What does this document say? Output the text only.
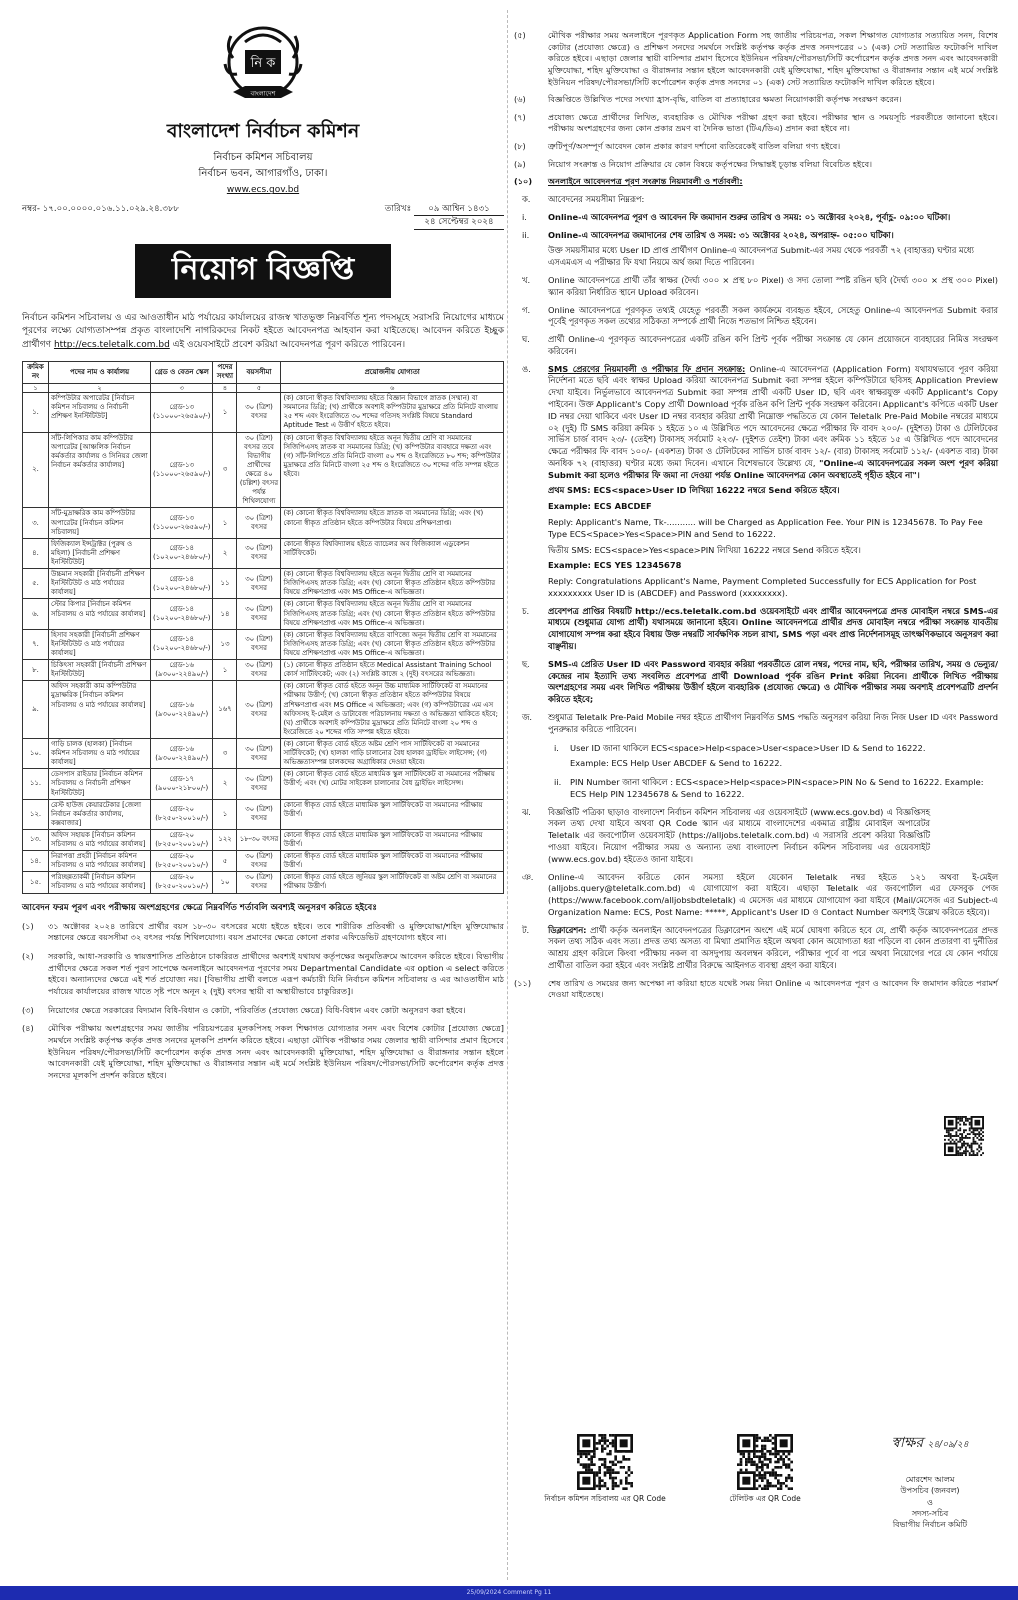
নি ক
বাংলাদেশ
বাংলাদেশ নির্বাচন কমিশন
নির্বাচন কমিশন সচিবালয়
নির্বাচন ভবন, আগারগাঁও, ঢাকা।
www.ecs.gov.bd
নম্বর- ১৭.০০.০০০০.০১৬.১১.০২৯.২৪.৩৮৮	তারিখঃ ০৯ আশ্বিন ১৪৩১
২৪ সেপ্টেম্বর ২০২৪
নিয়োগ বিজ্ঞপ্তি

নির্বাচন কমিশন সচিবালয় ও এর আওতাধীন মাঠ পর্যায়ের কার্যালয়ের রাজস্ব খাতভুক্ত নিম্নবর্ণিত শূন্য পদসমূহে সরাসরি নিয়োগের মাধ্যমে পূরণের লক্ষ্যে যোগ্যতাসম্পন্ন প্রকৃত বাংলাদেশি নাগরিকদের নিকট হইতে আবেদনপত্র আহবান করা যাইতেছে। আবেদন করিতে ইচ্ছুক প্রার্থীগণ http://ecs.teletalk.com.bd এই ওয়েবসাইটে প্রবেশ করিয়া আবেদনপত্র পূরণ করিতে পারিবেন।

ক্রমিক নং	পদের নাম ও কার্যালয়	গ্রেড ও বেতন স্কেল	পদের সংখ্যা	বয়সসীমা	প্রয়োজনীয় যোগ্যতা
১	২	৩	৪	৫	৬
১.	কম্পিউটার অপারেটর [নির্বাচন কমিশন সচিবালয় ও নির্বাচনী প্রশিক্ষণ ইনস্টিটিউট]	গ্রেড-১৩ (১১০০০-২৬৫৯০/-)	১	৩০ (ত্রিশ) বৎসর	(ক) কোনো স্বীকৃত বিশ্ববিদ্যালয় হইতে বিজ্ঞান বিভাগে স্নাতক (সম্মান) বা সমমানের ডিগ্রি; (খ) প্রার্থীকে অবশ্যই কম্পিউটার মুদ্রাক্ষরে প্রতি মিনিটে বাংলায় ২৫ শব্দ এবং ইংরেজিতে ৩০ শব্দের গতিসহ সংশ্লিষ্ট বিষয়ে Standard Aptitude Test এ উত্তীর্ণ হইতে হইবে।
২.	সাঁট-লিপিকার কাম কম্পিউটার অপারেটর [আঞ্চলিক নির্বাচন কর্মকর্তার কার্যালয় ও সিনিয়র জেলা নির্বাচন কর্মকর্তার কার্যালয়]	গ্রেড-১৩ (১১০০০-২৬৫৯০/-)	৩	৩০ (ত্রিশ) বৎসর তবে বিভাগীয় প্রার্থীদের ক্ষেত্রে ৪০ (চল্লিশ) বৎসর পর্যন্ত শিথিলযোগ্য	(ক) কোনো স্বীকৃত বিশ্ববিদ্যালয় হইতে অনূন দ্বিতীয় শ্রেণি বা সমমানের সিজিপিএসহ স্নাতক বা সমমানের ডিগ্রি; (খ) কম্পিউটার ব্যবহারে দক্ষতা এবং (গ) সাঁট-লিপিতে প্রতি মিনিটে বাংলা ৫০ শব্দ ও ইংরেজিতে ৮০ শব্দ; কম্পিউটার মুদ্রাক্ষরে প্রতি মিনিটে বাংলা ২৫ শব্দ ও ইংরেজিতে ৩০ শব্দের গতি সম্পন্ন হইতে হইবে।
৩.	সাঁট-মুদ্রাক্ষরিক কাম কম্পিউটার অপারেটর [নির্বাচন কমিশন সচিবালয়]	গ্রেড-১৩ (১১০০০-২৬৫৯০/-)	১	৩০ (ত্রিশ) বৎসর	(ক) কোনো স্বীকৃত বিশ্ববিদ্যালয় হইতে স্নাতক বা সমমানের ডিগ্রি; এবং (খ) কোনো স্বীকৃত প্রতিষ্ঠান হইতে কম্পিউটার বিষয়ে প্রশিক্ষণপ্রাপ্ত।
৪.	ফিজিক্যাল ইন্সট্রাক্টর (পুরুষ ও মহিলা) [নির্বাচনী প্রশিক্ষণ ইনস্টিটিউট]	গ্রেড-১৪ (১০২০০-২৪৬৮০/-)	২	৩০ (ত্রিশ) বৎসর	কোনো স্বীকৃত বিশ্ববিদ্যালয় হইতে ব্যাচেলর অব ফিজিক্যাল এডুকেশন সার্টিফিকেট।
৫.	উচ্চমান সহকারী [নির্বাচনী প্রশিক্ষণ ইনস্টিটিউট ও মাঠ পর্যায়ের কার্যালয়]	গ্রেড-১৪ (১০২০০-২৪৬৮০/-)	১১	৩০ (ত্রিশ) বৎসর	(ক) কোনো স্বীকৃত বিশ্ববিদ্যালয় হইতে অনূন দ্বিতীয় শ্রেণি বা সমমানের সিজিপিএসহ স্নাতক ডিগ্রি; এবং (খ) কোনো স্বীকৃত প্রতিষ্ঠান হইতে কম্পিউটার বিষয়ে প্রশিক্ষণপ্রাপ্ত এবং MS Office-এ অভিজ্ঞতা।
৬.	স্টোর কিপার [নির্বাচন কমিশন সচিবালয় ও মাঠ পর্যায়ের কার্যালয়]	গ্রেড-১৪ (১০২০০-২৪৬৮০/-)	১৪	৩০ (ত্রিশ) বৎসর	(ক) কোনো স্বীকৃত বিশ্ববিদ্যালয় হইতে অনূন দ্বিতীয় শ্রেণি বা সমমানের সিজিপিএসহ স্নাতক ডিগ্রি; এবং (খ) কোনো স্বীকৃত প্রতিষ্ঠান হইতে কম্পিউটার বিষয়ে প্রশিক্ষণপ্রাপ্ত এবং MS Office-এ অভিজ্ঞতা।
৭.	হিসাব সহকারী [নির্বাচনী প্রশিক্ষণ ইনস্টিটিউট ও মাঠ পর্যায়ের কার্যালয়]	গ্রেড-১৪ (১০২০০-২৪৬৮০/-)	১৩	৩০ (ত্রিশ) বৎসর	(ক) কোনো স্বীকৃত বিশ্ববিদ্যালয় হইতে বাণিজ্যে অনূন দ্বিতীয় শ্রেণি বা সমমানের সিজিপিএসহ স্নাতক ডিগ্রি; এবং (খ) কোনো স্বীকৃত প্রতিষ্ঠান হইতে কম্পিউটার বিষয়ে প্রশিক্ষণপ্রাপ্ত এবং MS Office-এ অভিজ্ঞতা।
৮.	চিকিৎসা সহকারী [নির্বাচনী প্রশিক্ষণ ইনস্টিটিউট]	গ্রেড-১৬ (৯৩০০-২২৪৯০/-)	১	৩০ (ত্রিশ) বৎসর	(১) কোনো স্বীকৃত প্রতিষ্ঠান হইতে Medical Assistant Training School কোর্স সার্টিফিকেট; এবং (২) সংশ্লিষ্ট কাজে ২ (দুই) বৎসরের অভিজ্ঞতা।
৯.	অফিস সহকারী কাম কম্পিউটার মুদ্রাক্ষরিক [নির্বাচন কমিশন সচিবালয় ও মাঠ পর্যায়ের কার্যালয়]	গ্রেড-১৬ (৯৩০০-২২৪৯০/-)	১৬৭	৩০ (ত্রিশ) বৎসর	(ক) কোনো স্বীকৃত বোর্ড হইতে অনূন উচ্চ মাধ্যমিক সার্টিফিকেট বা সমমানের পরীক্ষায় উত্তীর্ণ; (খ) কোনো স্বীকৃত প্রতিষ্ঠান হইতে কম্পিউটার বিষয়ে প্রশিক্ষণপ্রাপ্ত এবং MS Office এ অভিজ্ঞতা; এবং (গ) কম্পিউটারের এম এস অফিসসহ ই-মেইল ও ডাটাবেজ পরিচালনায় দক্ষতা ও অভিজ্ঞতা থাকিতে হইবে; (ঘ) প্রার্থীকে অবশ্যই কম্পিউটার মুদ্রাক্ষরে প্রতি মিনিটে বাংলা ২০ শব্দ ও ইংরেজিতে ২০ শব্দের গতি সম্পন্ন হইতে হইবে।
১০.	গাড়ি চালক (হালকা) [নির্বাচন কমিশন সচিবালয় ও মাঠ পর্যায়ের কার্যালয়]	গ্রেড-১৬ (৯৩০০-২২৪৯০/-)	৩	৩০ (ত্রিশ) বৎসর	(ক) কোনো স্বীকৃত বোর্ড হইতে অষ্টম শ্রেণি পাস সার্টিফিকেট বা সমমানের সার্টিফিকেট; (খ) হালকা গাড়ি চালানোর বৈধ হালকা ড্রাইভিং লাইসেন্স; (গ) অভিজ্ঞতাসম্পন্ন চালকদের অগ্রাধিকার দেওয়া হইবে।
১১.	ডেসপাস রাইডার [নির্বাচন কমিশন সচিবালয় ও নির্বাচনী প্রশিক্ষণ ইনস্টিটিউট]	গ্রেড-১৭ (৯০০০-২১৮০০/-)	২	৩০ (ত্রিশ) বৎসর	(ক) কোনো স্বীকৃত বোর্ড হইতে মাধ্যমিক স্কুল সার্টিফিকেট বা সমমানের পরীক্ষায় উত্তীর্ণ; এবং (খ) মোটর সাইকেল চালানোর বৈধ ড্রাইভিং লাইসেন্স।
১২.	রেস্ট হাউজ কেয়ারটেকার [জেলা নির্বাচন কর্মকর্তার কার্যালয়, কক্সবাজার]	গ্রেড-২০ (৮২৫০-২০০১০/-)	১	৩০ (ত্রিশ) বৎসর	কোনো স্বীকৃত বোর্ড হইতে মাধ্যমিক স্কুল সার্টিফিকেট বা সমমানের পরীক্ষায় উত্তীর্ণ।
১৩.	অফিস সহায়ক [নির্বাচন কমিশন সচিবালয় ও মাঠ পর্যায়ের কার্যালয়]	গ্রেড-২০ (৮২৫০-২০০১০/-)	১২২	১৮-৩০ বৎসর	কোনো স্বীকৃত বোর্ড হইতে মাধ্যমিক স্কুল সার্টিফিকেট বা সমমানের পরীক্ষায় উত্তীর্ণ।
১৪.	নিরাপত্তা প্রহরী [নির্বাচন কমিশন সচিবালয় ও মাঠ পর্যায়ের কার্যালয়]	গ্রেড-২০ (৮২৫০-২০০১০/-)	৫	৩০ (ত্রিশ) বৎসর	কোনো স্বীকৃত বোর্ড হইতে মাধ্যমিক স্কুল সার্টিফিকেট বা সমমানের পরীক্ষায় উত্তীর্ণ।
১৫.	পরিচ্ছন্নতাকর্মী [নির্বাচন কমিশন সচিবালয় ও মাঠ পর্যায়ের কার্যালয়]	গ্রেড-২০ (৮২৫০-২০০১০/-)	১০	৩০ (ত্রিশ) বৎসর	কোনো স্বীকৃত বোর্ড হইতে জুনিয়র স্কুল সার্টিফিকেট বা অষ্টম শ্রেণি বা সমমানের পরীক্ষায় উত্তীর্ণ।
আবেদন ফরম পূরণ এবং পরীক্ষায় অংশগ্রহণের ক্ষেত্রে নিম্নবর্ণিত শর্তাবলি অবশ্যই অনুসরণ করিতে হইবেঃ
(১)	৩১ অক্টোবর ২০২৪ তারিখে প্রার্থীর বয়স ১৮-৩০ বৎসরের মধ্যে হইতে হইবে। তবে শারীরিক প্রতিবন্ধী ও মুক্তিযোদ্ধা/শহিদ মুক্তিযোদ্ধার সন্তানের ক্ষেত্রে বয়সসীমা ৩২ বৎসর পর্যন্ত শিথিলযোগ্য। বয়স প্রমাণের ক্ষেত্রে কোনো প্রকার এফিডেভিট গ্রহণযোগ্য হইবে না।
(২)	সরকারি, আধা-সরকারি ও স্বায়ত্তশাসিত প্রতিষ্ঠানে চাকরিরত প্রার্থীদের অবশ্যই যথাযথ কর্তৃপক্ষের অনুমতিক্রমে আবেদন করিতে হইবে। বিভাগীয় প্রার্থীদের ক্ষেত্রে সকল শর্ত পূরণ সাপেক্ষে অনলাইনে আবেদনপত্র পূরণের সময় Departmental Candidate এর option এ select করিতে হইবে। অন্যান্যদের ক্ষেত্রে এই শর্ত প্রযোজ্য নয়। [বিভাগীয় প্রার্থী বলতে এরূপ কর্মচারী যিনি নির্বাচন কমিশন সচিবালয় ও এর আওতাধীন মাঠ পর্যায়ের কার্যালয়ের রাজস্ব খাতে সৃষ্ট পদে অনূন ২ (দুই) বৎসর স্থায়ী বা অস্থায়ীভাবে চাকুরিরত]।
(৩)	নিয়োগের ক্ষেত্রে সরকারের বিদ্যমান বিধি-বিধান ও কোটা, পরিবর্তিত (প্রযোজ্য ক্ষেত্রে) বিধি-বিধান এবং কোটা অনুসরণ করা হইবে।
(৪)	মৌখিক পরীক্ষায় অংশগ্রহণের সময় জাতীয় পরিচয়পত্রের মূলকপিসহ সকল শিক্ষাগত যোগ্যতার সনদ এবং বিশেষ কোটার [প্রযোজ্য ক্ষেত্রে] সমর্থনে সংশ্লিষ্ট কর্তৃপক্ষ কর্তৃক প্রদত্ত সনদের মূলকপি প্রদর্শন করিতে হইবে। এছাড়া মৌখিক পরীক্ষার সময় জেলার স্থায়ী বাসিন্দার প্রমাণ হিসেবে ইউনিয়ন পরিষদ/পৌরসভা/সিটি কর্পোরেশন কর্তৃক প্রদত্ত সনদ এবং আবেদনকারী মুক্তিযোদ্ধা, শহিদ মুক্তিযোদ্ধা ও বীরাঙ্গনার সন্তান হইলে আবেদনকারী যেই মুক্তিযোদ্ধা, শহিদ মুক্তিযোদ্ধা ও বীরাঙ্গনার সন্তান এই মর্মে সংশ্লিষ্ট ইউনিয়ন পরিষদ/পৌরসভা/সিটি কর্পোরেশন কর্তৃক প্রদত্ত সনদের মূলকপি প্রদর্শন করিতে হইবে।
(৫)	মৌখিক পরীক্ষার সময় অনলাইনে পূরণকৃত Application Form সহ জাতীয় পরিচয়পত্র, সকল শিক্ষাগত যোগ্যতার সত্যায়িত সনদ, বিশেষ কোটার (প্রযোজ্য ক্ষেত্রে) ও প্রশিক্ষণ সনদের সমর্থনে সংশ্লিষ্ট কর্তৃপক্ষ কর্তৃক প্রদত্ত সনদপত্রের ০১ (এক) সেট সত্যায়িত ফটোকপি দাখিল করিতে হইবে। এছাড়া জেলার স্থায়ী বাসিন্দার প্রমাণ হিসেবে ইউনিয়ন পরিষদ/পৌরসভা/সিটি কর্পোরেশন কর্তৃক প্রদত্ত সনদ এবং আবেদনকারী মুক্তিযোদ্ধা, শহিদ মুক্তিযোদ্ধা ও বীরাঙ্গনার সন্তান হইলে আবেদনকারী যেই মুক্তিযোদ্ধা, শহিদ মুক্তিযোদ্ধা ও বীরাঙ্গনার সন্তান এই মর্মে সংশ্লিষ্ট ইউনিয়ন পরিষদ/পৌরসভা/সিটি কর্পোরেশন কর্তৃক প্রদত্ত সনদের ০১ (এক) সেট সত্যায়িত ফটোকপি দাখিল করিতে হইবে।
(৬)	বিজ্ঞপ্তিতে উল্লিখিত পদের সংখ্যা হ্রাস-বৃদ্ধি, বাতিল বা প্রত্যাহারের ক্ষমতা নিয়োগকারী কর্তৃপক্ষ সংরক্ষণ করেন।
(৭)	প্রযোজ্য ক্ষেত্রে প্রার্থীদের লিখিত, ব্যবহারিক ও মৌখিক পরীক্ষা গ্রহণ করা হইবে। পরীক্ষার স্থান ও সময়সূচি পরবর্তীতে জানানো হইবে। পরীক্ষায় অংশগ্রহণের জন্য কোন প্রকার ভ্রমণ বা দৈনিক ভাতা (টিএ/ডিএ) প্রদান করা হইবে না।
(৮)	ত্রুটিপূর্ণ/অসম্পূর্ণ আবেদন কোন প্রকার কারণ দর্শানো ব্যতিরেকেই বাতিল বলিয়া গণ্য হইবে।
(৯)	নিয়োগ সংক্রান্ত ও নিয়োগ প্রক্রিয়ার যে কোন বিষয়ে কর্তৃপক্ষের সিদ্ধান্তই চূড়ান্ত বলিয়া বিবেচিত হইবে।
(১০)	অনলাইনে আবেদনপত্র পূরণ সংক্রান্ত নিয়মাবলী ও শর্তাবলী:
ক.	আবেদনের সময়সীমা নিম্নরূপ:
i.	Online-এ আবেদনপত্র পূরণ ও আবেদন ফি জমাদান শুরুর তারিখ ও সময়: ০১ অক্টোবর ২০২৪, পূর্বাহ্ণ- ০৯:০০ ঘটিকা।
ii.	Online-এ আবেদনপত্র জমাদানের শেষ তারিখ ও সময়: ৩১ অক্টোবর ২০২৪, অপরাহ্ন- ০৫:০০ ঘটিকা।
উক্ত সময়সীমার মধ্যে User ID প্রাপ্ত প্রার্থীগণ Online-এ আবেদনপত্র Submit-এর সময় থেকে পরবর্তী ৭২ (বাহাত্তর) ঘণ্টার মধ্যে এসএমএস এ পরীক্ষার ফি যথা নিয়মে অর্থ জমা দিতে পারিবেন।
খ.	Online আবেদনপত্রে প্রার্থী তাঁর স্বাক্ষর (দৈর্ঘ্য ৩০০ × প্রস্থ ৮০ Pixel) ও সদ্য তোলা স্পষ্ট রঙিন ছবি (দৈর্ঘ্য ৩০০ × প্রস্থ ৩০০ Pixel) স্ক্যান করিয়া নির্ধারিত স্থানে Upload করিবেন।
গ.	Online আবেদনপত্রে পূরণকৃত তথ্যই যেহেতু পরবর্তী সকল কার্যক্রমে ব্যবহৃত হইবে, সেহেতু Online-এ আবেদনপত্র Submit করার পূর্বেই পূরণকৃত সকল তথ্যের সঠিকতা সম্পর্কে প্রার্থী নিজে শতভাগ নিশ্চিত হইবেন।
ঘ.	প্রার্থী Online-এ পূরণকৃত আবেদনপত্রের একটি রঙিন কপি প্রিন্ট পূর্বক পরীক্ষা সংক্রান্ত যে কোন প্রয়োজনে ব্যবহারের নিমিত্ত সংরক্ষণ করিবেন।
ঙ.	SMS প্রেরণের নিয়মাবলী ও পরীক্ষার ফি প্রদান সংক্রান্ত: Online-এ আবেদনপত্র (Application Form) যথাযথভাবে পূরণ করিয়া নির্দেশনা মতে ছবি এবং স্বাক্ষর Upload করিয়া আবেদনপত্র Submit করা সম্পন্ন হইলে কম্পিউটারে ছবিসহ Application Preview দেখা যাইবে। নির্ভুলভাবে আবেদনপত্র Submit করা সম্পন্ন প্রার্থী একটি User ID, ছবি এবং স্বাক্ষরযুক্ত একটি Applicant's Copy পাইবেন। উক্ত Applicant's Copy প্রার্থী Download পূর্বক রঙিন কপি প্রিন্ট পূর্বক সংরক্ষণ করিবেন। Applicant's কপিতে একটি User ID নম্বর দেয়া থাকিবে এবং User ID নম্বর ব্যবহার করিয়া প্রার্থী নিম্নোক্ত পদ্ধতিতে যে কোন Teletalk Pre-Paid Mobile নম্বরের মাধ্যমে ০২ (দুই) টি SMS করিয়া ক্রমিক ১ হইতে ১০ এ উল্লিখিত পদে আবেদনের ক্ষেত্রে পরীক্ষার ফি বাবদ ২০০/- (দুইশত) টাকা ও টেলিটকের সার্ভিস চার্জ বাবদ ২৩/- (তেইশ) টাকাসহ সর্বমোট ২২৩/- (দুইশত তেইশ) টাকা এবং ক্রমিক ১১ হইতে ১৫ এ উল্লিখিত পদে আবেদনের ক্ষেত্রে পরীক্ষার ফি বাবদ ১০০/- (একশত) টাকা ও টেলিটকের সার্ভিস চার্জ বাবদ ১২/- (বার) টাকাসহ সর্বমোট ১১২/- (একশত বার) টাকা অনধিক ৭২ (বাহাত্তর) ঘণ্টার মধ্যে জমা দিবেন। এখানে বিশেষভাবে উল্লেখ্য যে, "Online-এ আবেদনপত্রের সকল অংশ পূরণ করিয়া Submit করা হলেও পরীক্ষার ফি জমা না দেওয়া পর্যন্ত Online আবেদনপত্র কোন অবস্থাতেই গৃহীত হইবে না"।
প্রথম SMS: ECS<space>User ID লিখিয়া 16222 নম্বরে Send করিতে হইবে।
Example: ECS ABCDEF
Reply: Applicant's Name, Tk-........... will be Charged as Application Fee. Your PIN is 12345678. To Pay Fee Type ECS<Space>Yes<Space>PIN and Send to 16222.
দ্বিতীয় SMS: ECS<space>Yes<space>PIN লিখিয়া 16222 নম্বরে Send করিতে হইবে।
Example: ECS YES 12345678
Reply: Congratulations Applicant's Name, Payment Completed Successfully for ECS Application for Post xxxxxxxxx User ID is (ABCDEF) and Password (xxxxxxxx).
চ.	প্রবেশপত্র প্রাপ্তির বিষয়টি http://ecs.teletalk.com.bd ওয়েবসাইটে এবং প্রার্থীর আবেদনপত্রে প্রদত্ত মোবাইল নম্বরে SMS-এর মাধ্যমে (শুধুমাত্র যোগ্য প্রার্থী) যথাসময়ে জানানো হইবে। Online আবেদনপত্রে প্রার্থীর প্রদত্ত মোবাইল নম্বরে পরীক্ষা সংক্রান্ত যাবতীয় যোগাযোগ সম্পন্ন করা হইবে বিধায় উক্ত নম্বরটি সার্বক্ষণিক সচল রাখা, SMS পড়া এবং প্রাপ্ত নির্দেশনাসমূহ তাৎক্ষণিকভাবে অনুসরণ করা বাঞ্ছনীয়।
ছ.	SMS-এ প্রেরিত User ID এবং Password ব্যবহার করিয়া পরবর্তীতে রোল নম্বর, পদের নাম, ছবি, পরীক্ষার তারিখ, সময় ও ভেন্যুর/কেন্দ্রের নাম ইত্যাদি তথ্য সংবলিত প্রবেশপত্র প্রার্থী Download পূর্বক রঙিন Print করিয়া নিবেন। প্রার্থীকে লিখিত পরীক্ষায় অংশগ্রহণের সময় এবং লিখিত পরীক্ষায় উত্তীর্ণ হইলে ব্যবহারিক (প্রযোজ্য ক্ষেত্রে) ও মৌখিক পরীক্ষার সময় অবশ্যই প্রবেশপত্রটি প্রদর্শন করিতে হইবে;
জ.	শুধুমাত্র Teletalk Pre-Paid Mobile নম্বর হইতে প্রার্থীগণ নিম্নবর্ণিত SMS পদ্ধতি অনুসরণ করিয়া নিজ নিজ User ID এবং Password পুনরুদ্ধার করিতে পারিবেন।
i.	User ID জানা থাকিলে ECS<space>Help<space>User<space>User ID & Send to 16222.
Example: ECS Help User ABCDEF & Send to 16222.
ii.	PIN Number জানা থাকিলে : ECS<space>Help<space>PIN<space>PIN No & Send to 16222. Example: ECS Help PIN 12345678 & Send to 16222.
ঝ.	বিজ্ঞপ্তিটি পত্রিকা ছাড়াও বাংলাদেশ নির্বাচন কমিশন সচিবালয় এর ওয়েবসাইটে (www.ecs.gov.bd) এ বিজ্ঞপ্তিসহ সকল তথ্য দেখা যাইবে অথবা QR Code স্ক্যান এর মাধ্যমে বাংলাদেশের একমাত্র রাষ্ট্রীয় মোবাইল অপারেটর Teletalk এর জবপোর্টাল ওয়েবসাইট (https://alljobs.teletalk.com.bd) এ সরাসরি প্রবেশ করিয়া বিজ্ঞপ্তিটি পাওয়া যাইবে। নিয়োগ পরীক্ষার সময় ও অন্যান্য তথ্য বাংলাদেশ নির্বাচন কমিশন সচিবালয় এর ওয়েবসাইট (www.ecs.gov.bd) হইতেও জানা যাইবে।
ঞ.	Online-এ আবেদন করিতে কোন সমস্যা হইলে যেকোন Teletalk নম্বর হইতে ১২১ অথবা ই-মেইল (alljobs.query@teletalk.com.bd) এ যোগাযোগ করা যাইবে। এছাড়া Teletalk এর জবপোর্টাল এর ফেসবুক পেজ (https://www.facebook.com/alljobsbdteletalk) এ মেসেজ এর মাধ্যমে যোগাযোগ করা যাইবে (Mail/মেসেজ এর Subject-এ Organization Name: ECS, Post Name: *****, Applicant's User ID ও Contact Number অবশ্যই উল্লেখ করিতে হইবে)।
ট.	ডিক্লারেশন: প্রার্থী কর্তৃক অনলাইন আবেদনপত্রের ডিক্লারেশন অংশে এই মর্মে ঘোষণা করিতে হবে যে, প্রার্থী কর্তৃক আবেদনপত্রের প্রদত্ত সকল তথ্য সঠিক এবং সত্য। প্রদত্ত তথ্য অসত্য বা মিথ্যা প্রমাণিত হইলে অথবা কোন অযোগ্যতা ধরা পড়িলে বা কোন প্রতারণা বা দুর্নীতির আশ্রয় গ্রহণ করিলে কিংবা পরীক্ষায় নকল বা অসদুপায় অবলম্বন করিলে, পরীক্ষার পূর্বে বা পরে অথবা নিয়োগের পরে যে কোন পর্যায়ে প্রার্থীতা বাতিল করা হইবে এবং সংশ্লিষ্ট প্রার্থীর বিরুদ্ধে আইনগত ব্যবস্থা গ্রহণ করা যাইবে।
(১১)	শেষ তারিখ ও সময়ের জন্য অপেক্ষা না করিয়া হাতে যথেষ্ট সময় নিয়া Online এ আবেদনপত্র পূরণ ও আবেদন ফি জমাদান করিতে পরামর্শ দেওয়া যাইতেছে।
নির্বাচন কমিশন সচিবালয় এর QR Code	টেলিটক এর QR Code
স্বাক্ষর ২৪/০৯/২৪
মোরশেদ আলম
উপসচিব (জনবল)
ও
সদস্য-সচিব
বিভাগীয় নির্বাচন কমিটি
25/09/2024 Comment Pg 11
